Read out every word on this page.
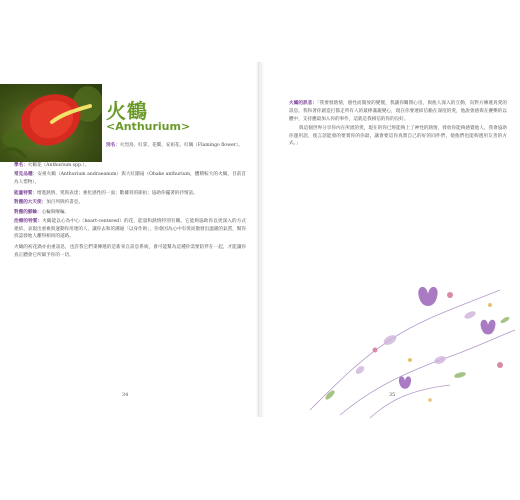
火鶴
<Anthurium>

別名：火烈鳥、紅掌、花燭、安祖花、紅鶴（Flamingo flower）。

學名：火鶴花（Anthurium spp.）。

常見品種：安祖火鶴（Anthurium andraeanum）與大紅團扇（Obake anthurium，體積較大的火鶴，目前首為人惜物）。

能量特質：增進熱情、愛與表達；強化感性的一面；數據背的節拍；協助你擺著的抒情話。

對應的大天使：加百列與約書亞。

對應的脈輪：心輪與喉輪。

治療的特質：火鶴能以心為中心（heart-centered）的花，能量和熱情特別有關。它能夠協助你以更深入的方式連結、表現出重複與運動你用連的人，讓你去和的溝通「以身作則」，你會因為心中有愛而散發出溫暖的氣質，幫你找認發地人離得相同的道路。

火鶴的初花渦亦由重訊息，也許我它們秉傳遞的是新來自訊息系統，會可能幫為這種你需要陪伴在一起，才能讓你真正體會它所賦予你的一切。

34

火鶴的訊息：「我要發熱情，感性而開放的變懷，我讓你關閉心房，與他人深入的互動，向對方傳遞真愛的訊息，我和著你創造打都走所有人的最棒滿親變心，現在你要連結信賴在深度的愛，他說會感與在賽樂的以體中，支持應最加入你的事件，這就是我相信的你的良好。

與這個世界分享你內在所流的愛，現在的你已經能夠上了神性的熱情，發放你能夠感覺他人，我會協助你運用語，使言語能發的要實你的你最，讓會要這你真實自己的好的同件們，使他們也能夠透用友善的方式。」

35
